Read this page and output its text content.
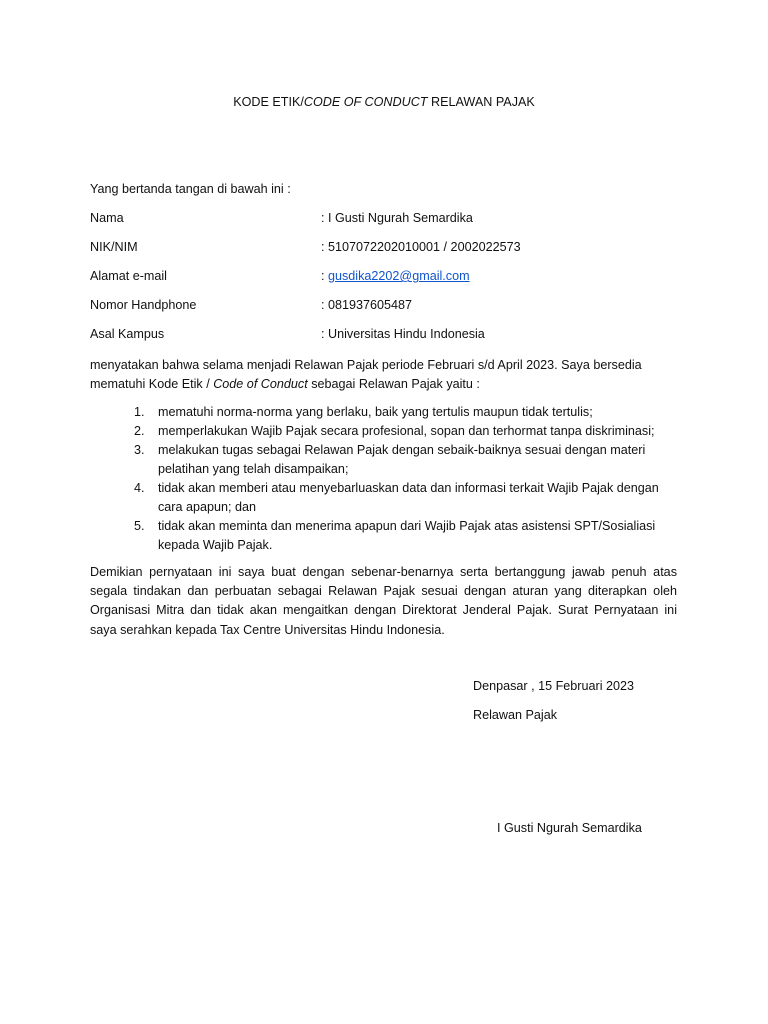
KODE ETIK/CODE OF CONDUCT RELAWAN PAJAK
Yang bertanda tangan di bawah ini :
Nama	: I Gusti Ngurah Semardika
NIK/NIM	: 5107072202010001 / 2002022573
Alamat e-mail	: gusdika2202@gmail.com
Nomor Handphone	: 081937605487
Asal Kampus	: Universitas Hindu Indonesia
menyatakan bahwa selama menjadi Relawan Pajak periode Februari s/d April 2023. Saya bersedia mematuhi Kode Etik / Code of Conduct sebagai Relawan Pajak yaitu :
1. mematuhi norma-norma yang berlaku, baik yang tertulis maupun tidak tertulis;
2. memperlakukan Wajib Pajak secara profesional, sopan dan terhormat tanpa diskriminasi;
3. melakukan tugas sebagai Relawan Pajak dengan sebaik-baiknya sesuai dengan materi pelatihan yang telah disampaikan;
4. tidak akan memberi atau menyebarluaskan data dan informasi terkait Wajib Pajak dengan cara apapun; dan
5. tidak akan meminta dan menerima apapun dari Wajib Pajak atas asistensi SPT/Sosialiasi kepada Wajib Pajak.
Demikian pernyataan ini saya buat dengan sebenar-benarnya serta bertanggung jawab penuh atas segala tindakan dan perbuatan sebagai Relawan Pajak sesuai dengan aturan yang diterapkan oleh Organisasi Mitra dan tidak akan mengaitkan dengan Direktorat Jenderal Pajak. Surat Pernyataan ini saya serahkan kepada Tax Centre Universitas Hindu Indonesia.
Denpasar , 15 Februari 2023
Relawan Pajak
I Gusti Ngurah Semardika
